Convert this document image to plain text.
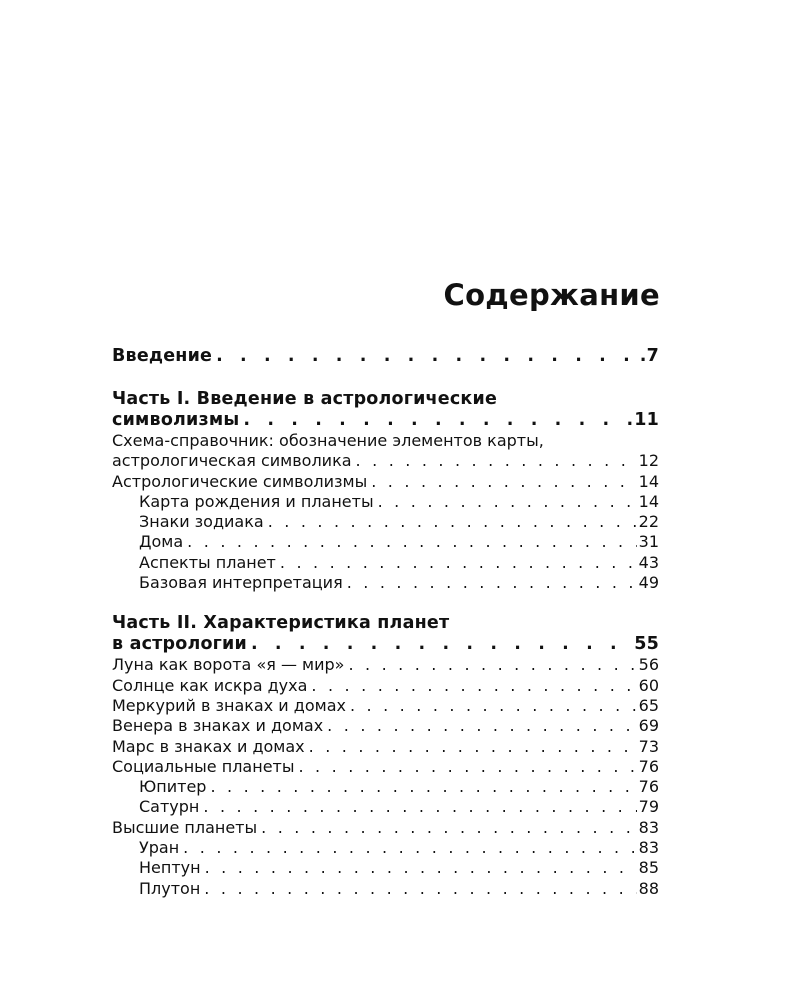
Содержание
Введение . . .	.7
Часть I. Введение в астрологические
символизмы . . .	11
Схема-справочник: обозначение элементов карты,
астрологическая символика . . .	12
Астрологические символизмы . . .	14
Карта рождения и планеты . . .	14
Знаки зодиака . . .	22
Дома . . .	31
Аспекты планет . . .	43
Базовая интерпретация . . .	49
Часть II. Характеристика планет
в астрологии . . .	55
Луна как ворота «я — мир» . . .	56
Солнце как искра духа . . .	60
Меркурий в знаках и домах . . .	65
Венера в знаках и домах . . .	69
Марс в знаках и домах . . .	73
Социальные планеты . . .	76
Юпитер . . .	76
Сатурн . . .	79
Высшие планеты . . .	83
Уран . . .	83
Нептун . . .	85
Плутон . . .	88
